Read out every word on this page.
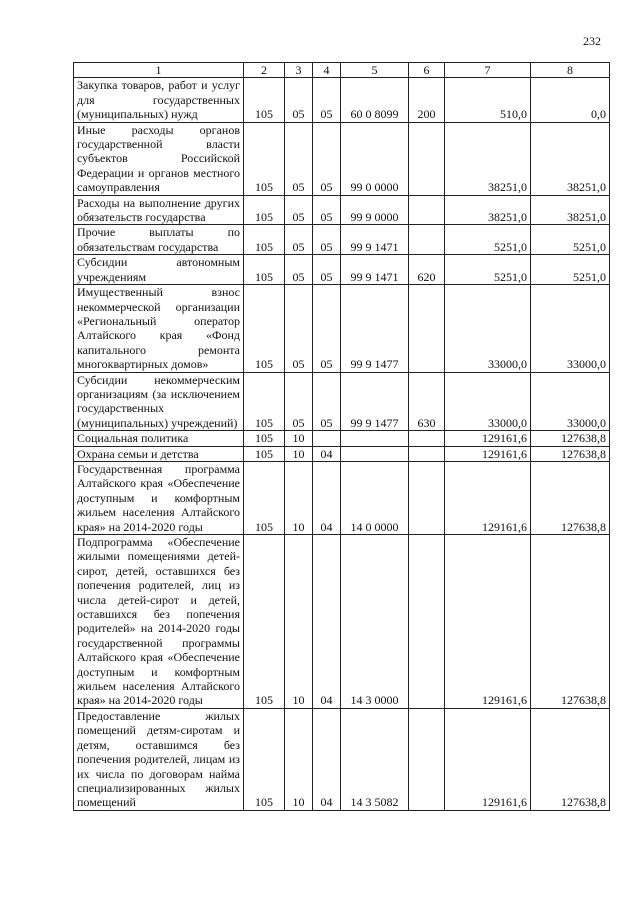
232
1	2	3	4	5	6	7	8
Закупка товаров, работ и услуг для государственных (муниципальных) нужд	105	05	05	60 0 8099	200	510,0	0,0
Иные расходы органов государственной власти субъектов Российской Федерации и органов местного самоуправления	105	05	05	99 0 0000		38251,0	38251,0
Расходы на выполнение других обязательств государства	105	05	05	99 9 0000		38251,0	38251,0
Прочие выплаты по обязательствам государства	105	05	05	99 9 1471		5251,0	5251,0
Субсидии автономным учреждениям	105	05	05	99 9 1471	620	5251,0	5251,0
Имущественный взнос некоммерческой организации «Региональный оператор Алтайского края «Фонд капитального ремонта многоквартирных домов»	105	05	05	99 9 1477		33000,0	33000,0
Субсидии некоммерческим организациям (за исключением государственных (муниципальных) учреждений)	105	05	05	99 9 1477	630	33000,0	33000,0
Социальная политика	105	10				129161,6	127638,8
Охрана семьи и детства	105	10	04			129161,6	127638,8
Государственная программа Алтайского края «Обеспечение доступным и комфортным жильем населения Алтайского края» на 2014-2020 годы	105	10	04	14 0 0000		129161,6	127638,8
Подпрограмма «Обеспечение жилыми помещениями детей-сирот, детей, оставшихся без попечения родителей, лиц из числа детей-сирот и детей, оставшихся без попечения родителей» на 2014-2020 годы государственной программы Алтайского края «Обеспечение доступным и комфортным жильем населения Алтайского края» на 2014-2020 годы	105	10	04	14 3 0000		129161,6	127638,8
Предоставление жилых помещений детям-сиротам и детям, оставшимся без попечения родителей, лицам из их числа по договорам найма специализированных жилых помещений	105	10	04	14 3 5082		129161,6	127638,8
